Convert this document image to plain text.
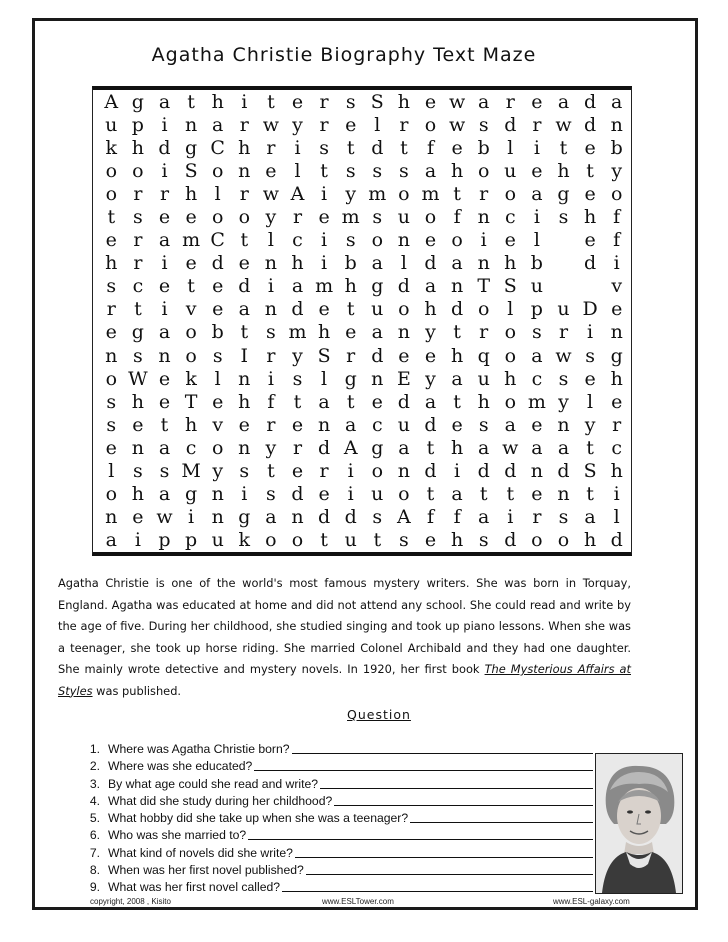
Agatha Christie Biography Text Maze
A g a t h i	t e r s S h e w a r e a d a
u p i n a r w y r e l	r o w s d r w d n
k h d g C h r	i s t d t	f e b l	i	t e b
o o i S o n e l	t s s s a h o u e h t y
o r r h l	r w A i y m o m t r o a g e o
t s e e o o y r e m s u o f n c i s h f
e r a m C t	l c i s o n e o i e l	e f
h r	i e d e n h i b a l d a n h b	d i
s c e t e d i a m h g d a n T S u	v
r t	i v e a n d e t u o h d o l p u D e
e g a o b t s m h e a n y t r o s r	i n
n s n o s I r y S r d e e h q o a w s g
o W e k l n i s l g n E y a u h c s e h
s h e T e h f	t a t e d a t h o m y l e
s e t h v e r e n a c u d e s a e n y r
e n a c o n y r d A g a t h a w a a t c
l s s M y s t e r	i o n d i d d n d S h
o h a g n i s d e i u o t a t t e n t	i
n e w i n g a n d d s A f	f a i	r s a l
a i p p u k o o t u t s e h s d o o h d
Agatha Christie is one of the world's most famous mystery writers. She was born in Torquay, England. Agatha was educated at home and did not attend any school. She could read and write by the age of five. During her childhood, she studied singing and took up piano lessons. When she was a teenager, she took up horse riding. She married Colonel Archibald and they had one daughter. She mainly wrote detective and mystery novels. In 1920, her first book The Mysterious Affairs at Styles was published.
Question
1. Where was Agatha Christie born?
2. Where was she educated?
3. By what age could she read and write?
4. What did she study during her childhood?
5. What hobby did she take up when she was a teenager?
6. Who was she married to?
7. What kind of novels did she write?
8. When was her first novel published?
9. What was her first novel called?
copyright, 2008 , Kisito	www.ESLTower.com	www.ESL-galaxy.com
